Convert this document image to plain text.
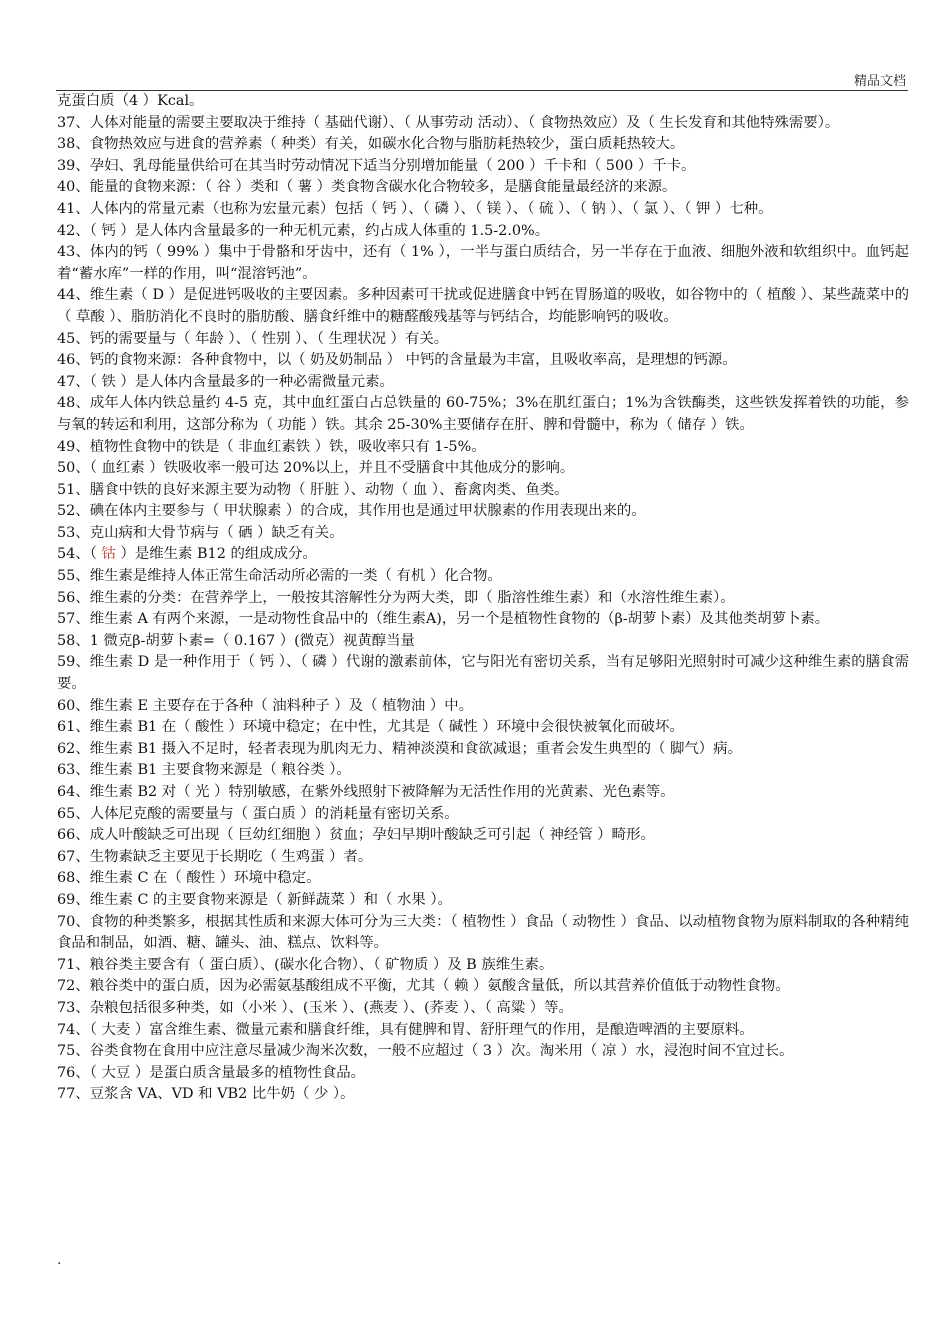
精品文档

克蛋白质（4 ）Kcal。

37、人体对能量的需要主要取决于维持（ 基础代谢）、（ 从事劳动 活动）、（ 食物热效应）及（ 生长发育和其他特殊需要）。

38、食物热效应与进食的营养素（ 种类）有关，如碳水化合物与脂肪耗热较少，蛋白质耗热较大。

39、孕妇、乳母能量供给可在其当时劳动情况下适当分别增加能量（ 200 ）千卡和（ 500 ）千卡。

40、能量的食物来源：（ 谷 ）类和（ 薯 ）类食物含碳水化合物较多，是膳食能量最经济的来源。

41、人体内的常量元素（也称为宏量元素）包括（ 钙 ）、（ 磷 ）、（ 镁 ）、（ 硫 ）、（ 钠 ）、（ 氯 ）、（ 钾 ）七种。

42、（ 钙 ）是人体内含量最多的一种无机元素，约占成人体重的 1.5-2.0%。

43、体内的钙（ 99% ）集中于骨骼和牙齿中，还有（ 1% ），一半与蛋白质结合，另一半存在于血液、细胞外液和软组织中。血钙起着“蓄水库”一样的作用，叫“混溶钙池”。

44、维生素（ D ）是促进钙吸收的主要因素。多种因素可干扰或促进膳食中钙在胃肠道的吸收，如谷物中的（ 植酸 ）、某些蔬菜中的（ 草酸 ）、脂肪消化不良时的脂肪酸、膳食纤维中的糖醛酸残基等与钙结合，均能影响钙的吸收。

45、钙的需要量与（ 年龄 ）、（ 性别 ）、（ 生理状况 ）有关。

46、钙的食物来源：各种食物中，以（ 奶及奶制品 ） 中钙的含量最为丰富，且吸收率高，是理想的钙源。

47、（ 铁 ）是人体内含量最多的一种必需微量元素。

48、成年人体内铁总量约 4-5 克，其中血红蛋白占总铁量的 60-75%；3%在肌红蛋白；1%为含铁酶类，这些铁发挥着铁的功能，参与氧的转运和利用，这部分称为（ 功能 ）铁。其余 25-30%主要储存在肝、脾和骨髓中，称为（ 储存 ）铁。

49、植物性食物中的铁是（ 非血红素铁 ）铁，吸收率只有 1-5%。

50、（ 血红素 ）铁吸收率一般可达 20%以上，并且不受膳食中其他成分的影响。

51、膳食中铁的良好来源主要为动物（ 肝脏 ）、动物（ 血 ）、畜禽肉类、鱼类。

52、碘在体内主要参与（ 甲状腺素 ）的合成，其作用也是通过甲状腺素的作用表现出来的。

53、克山病和大骨节病与（ 硒 ）缺乏有关。

54、（ 钴 ）是维生素 B12 的组成成分。

55、维生素是维持人体正常生命活动所必需的一类（ 有机 ）化合物。

56、维生素的分类：在营养学上，一般按其溶解性分为两大类，即（ 脂溶性维生素）和（水溶性维生素）。

57、维生素 A 有两个来源，一是动物性食品中的（维生素A)，另一个是植物性食物的（β-胡萝卜素）及其他类胡萝卜素。

58、1 微克β-胡萝卜素=（ 0.167 ）(微克）视黄醇当量

59、维生素 D 是一种作用于（ 钙 ）、（ 磷 ）代谢的激素前体，它与阳光有密切关系，当有足够阳光照射时可减少这种维生素的膳食需要。

60、维生素 E 主要存在于各种（ 油料种子 ）及（ 植物油 ）中。

61、维生素 B1 在（ 酸性 ）环境中稳定；在中性，尤其是（ 碱性 ）环境中会很快被氧化而破坏。

62、维生素 B1 摄入不足时，轻者表现为肌肉无力、精神淡漠和食欲减退；重者会发生典型的（ 脚气）病。

63、维生素 B1 主要食物来源是（ 粮谷类 ）。

64、维生素 B2 对（ 光 ）特别敏感，在紫外线照射下被降解为无活性作用的光黄素、光色素等。

65、人体尼克酸的需要量与（ 蛋白质 ）的消耗量有密切关系。

66、成人叶酸缺乏可出现（ 巨幼红细胞 ）贫血；孕妇早期叶酸缺乏可引起（ 神经管 ）畸形。

67、生物素缺乏主要见于长期吃（ 生鸡蛋 ）者。

68、维生素 C 在（ 酸性 ）环境中稳定。

69、维生素 C 的主要食物来源是（ 新鲜蔬菜 ）和（ 水果 ）。

70、食物的种类繁多，根据其性质和来源大体可分为三大类：（ 植物性 ）食品（ 动物性 ）食品、以动植物食物为原料制取的各种精纯食品和制品，如酒、糖、罐头、油、糕点、饮料等。

71、粮谷类主要含有（ 蛋白质）、(碳水化合物）、（ 矿物质 ）及 B 族维生素。

72、粮谷类中的蛋白质，因为必需氨基酸组成不平衡，尤其（ 赖 ）氨酸含量低，所以其营养价值低于动物性食物。

73、杂粮包括很多种类，如（小米 ）、(玉米 ）、(燕麦 ）、(荞麦 ）、（ 高粱 ）等。

74、（ 大麦 ）富含维生素、微量元素和膳食纤维，具有健脾和胃、舒肝理气的作用，是酿造啤酒的主要原料。

75、谷类食物在食用中应注意尽量减少淘米次数，一般不应超过（ 3 ）次。淘米用（ 凉 ）水，浸泡时间不宜过长。

76、（ 大豆 ）是蛋白质含量最多的植物性食品。

77、豆浆含 VA、VD 和 VB2 比牛奶（ 少 ）。

.
